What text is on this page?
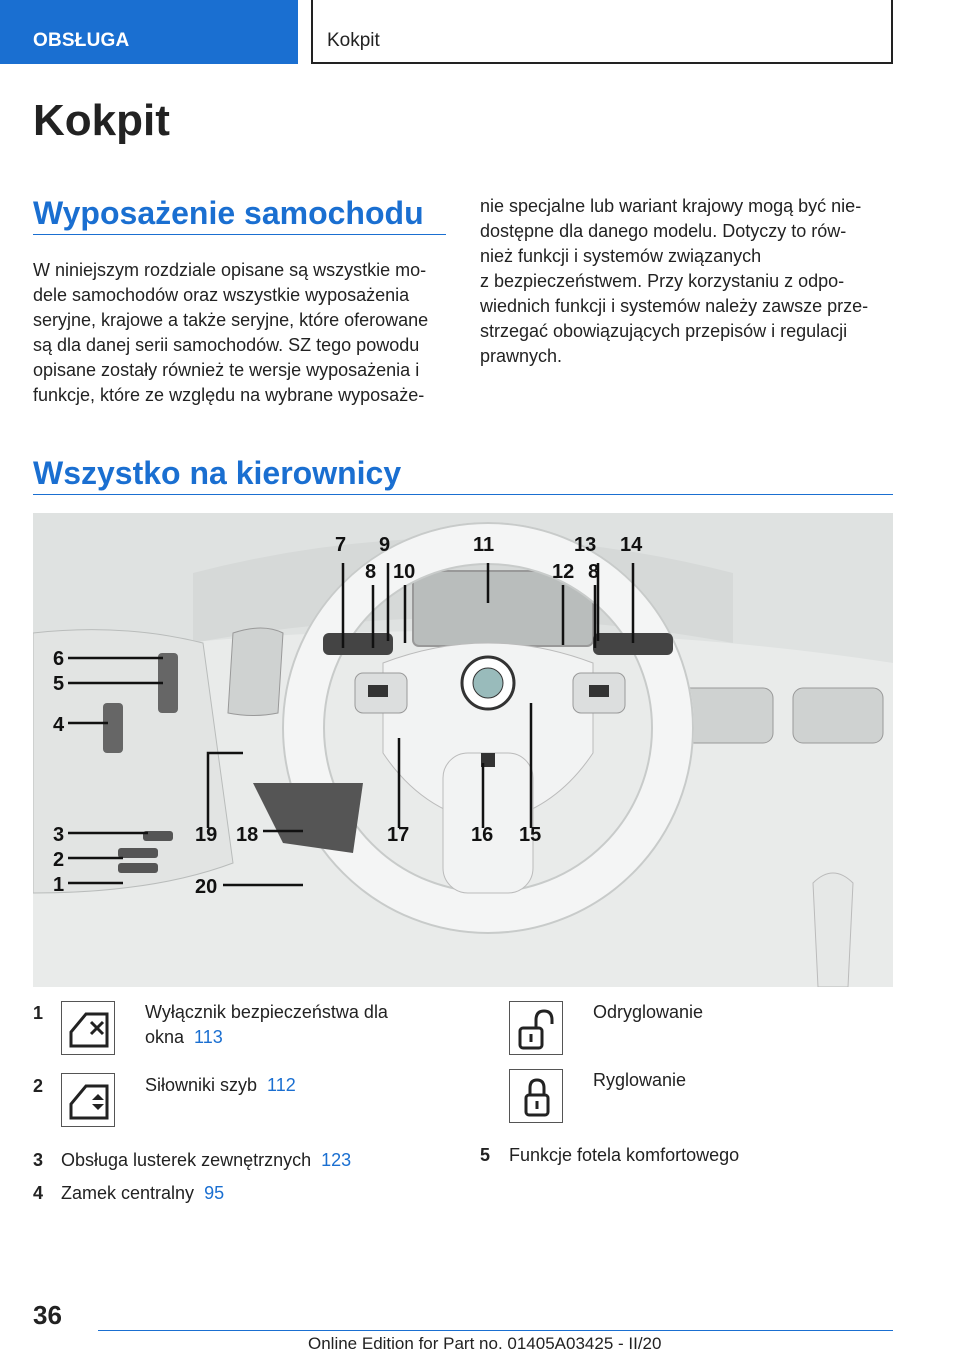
OBSŁUGA	Kokpit
Kokpit
Wyposażenie samochodu
W niniejszym rozdziale opisane są wszystkie mo‐
dele samochodów oraz wszystkie wyposażenia
seryjne, krajowe a także seryjne, które oferowane
są dla danej serii samochodów. SZ tego powodu
opisane zostały również te wersje wyposażenia i
funkcje, które ze względu na wybrane wyposaże‐
nie specjalne lub wariant krajowy mogą być nie‐
dostępne dla danego modelu. Dotyczy to rów‐
nież funkcji i systemów związanych
z bezpieczeństwem. Przy korzystaniu z odpo‐
wiednich funkcji i systemów należy zawsze prze‐
strzegać obowiązujących przepisów i regulacji
prawnych.
Wszystko na kierownicy
7 9	11	13 14
8 10	12 8
6
5
4
3
2
1
19 18	17	16 15
20
1	Wyłącznik bezpieczeństwa dla
okna 113
2	Siłowniki szyb 112
3 Obsługa lusterek zewnętrznych 123
4 Zamek centralny 95
Odryglowanie
Ryglowanie
5 Funkcje fotela komfortowego
36
Online Edition for Part no. 01405A03425 - II/20
